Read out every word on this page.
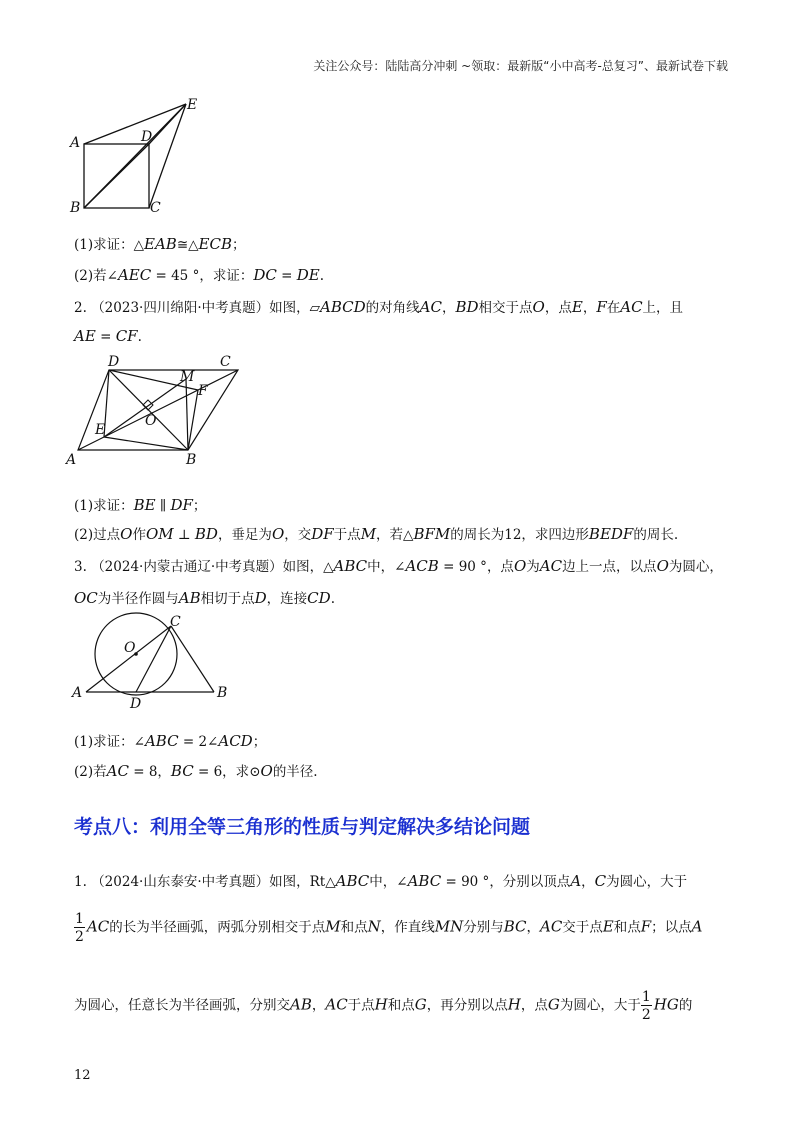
关注公众号：陆陆高分冲刺 ~领取：最新版“小中高考-总复习”、最新试卷下载
A
B	C
D
E
(1)求证：△EAB≅△ECB；
(2)若∠AEC = 45 °，求证：DC = DE.
2. （2023·四川绵阳·中考真题）如图，▱ABCD的对角线AC，BD相交于点O，点E，F在AC上，且
AE = CF.
A	B
C
D
E
F
M
O
(1)求证：BE ∥ DF；
(2)过点O作OM ⊥ BD，垂足为O，交DF于点M，若△BFM的周长为12，求四边形BEDF的周长.
3. （2024·内蒙古通辽·中考真题）如图，△ABC中，∠ACB = 90 °，点O为AC边上一点，以点O为圆心，
OC为半径作圆与AB相切于点D，连接CD.
A	B
C
D
O
(1)求证：∠ABC = 2∠ACD；
(2)若AC = 8，BC = 6，求⊙O的半径.
考点八：利用全等三角形的性质与判定解决多结论问题
1. （2024·山东泰安·中考真题）如图，Rt△ABC中，∠ABC = 90 °，分别以顶点A，C为圆心，大于
$\frac{1}{2}$ AC的长为半径画弧，两弧分别相交于点M和点N，作直线MN分别与BC，AC交于点E和点F；以点A
为圆心，任意长为半径画弧，分别交AB，AC于点H和点G，再分别以点H，点G为圆心，大于 $\frac{1}{2}$ HG的
12
